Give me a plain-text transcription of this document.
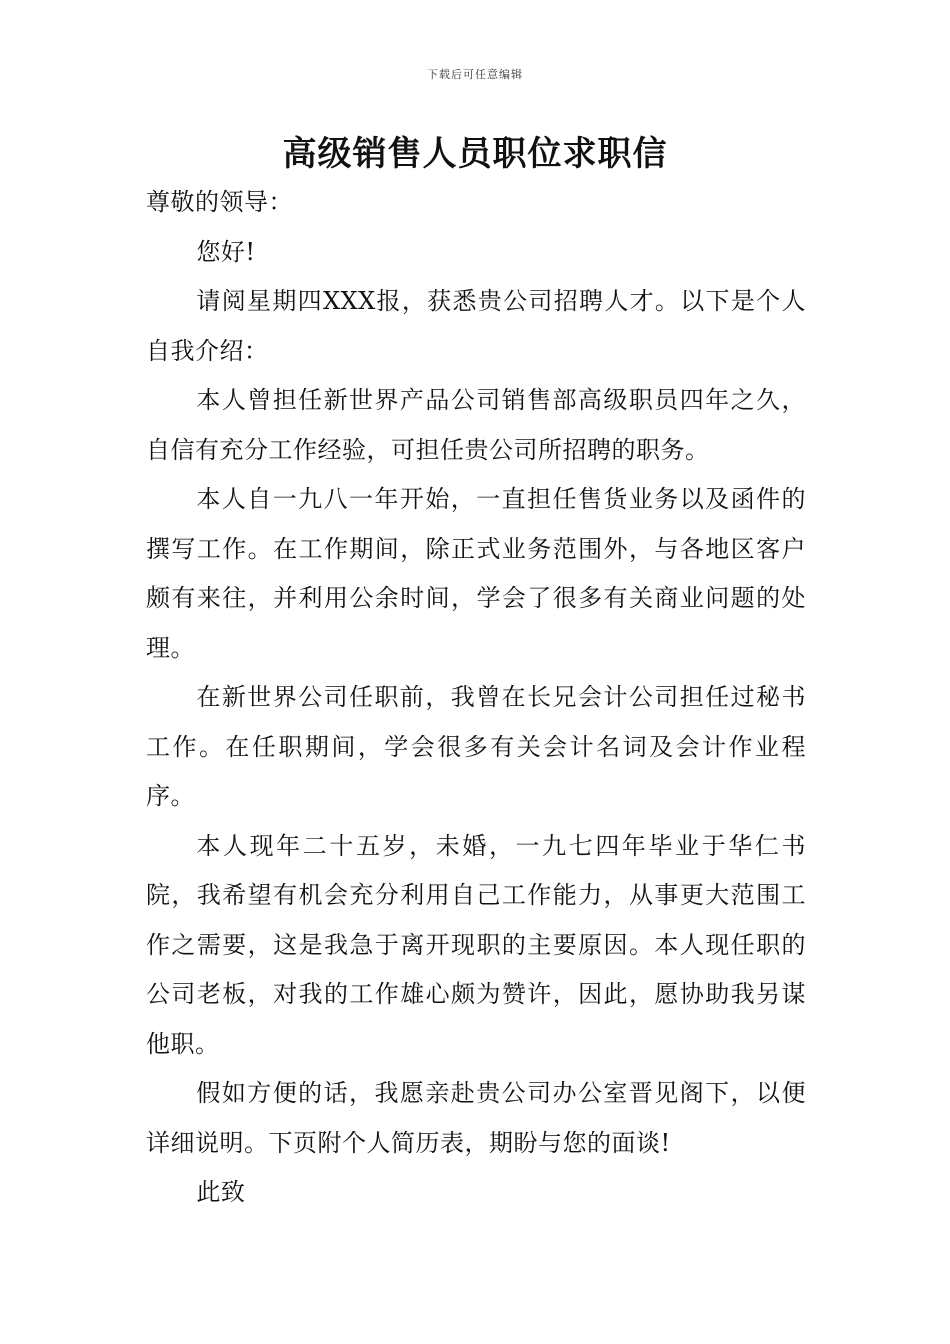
下载后可任意编辑
高级销售人员职位求职信

尊敬的领导：

您好!

请阅星期四XXX报，获悉贵公司招聘人才。以下是个人自我介绍：

本人曾担任新世界产品公司销售部高级职员四年之久，自信有充分工作经验，可担任贵公司所招聘的职务。

本人自一九八一年开始，一直担任售货业务以及函件的撰写工作。在工作期间，除正式业务范围外，与各地区客户颇有来往，并利用公余时间，学会了很多有关商业问题的处理。

在新世界公司任职前，我曾在长兄会计公司担任过秘书工作。在任职期间，学会很多有关会计名词及会计作业程序。

本人现年二十五岁，未婚，一九七四年毕业于华仁书院，我希望有机会充分利用自己工作能力，从事更大范围工作之需要，这是我急于离开现职的主要原因。本人现任职的公司老板，对我的工作雄心颇为赞许，因此，愿协助我另谋他职。

假如方便的话，我愿亲赴贵公司办公室晋见阁下，以便详细说明。下页附个人简历表，期盼与您的面谈!

此致
